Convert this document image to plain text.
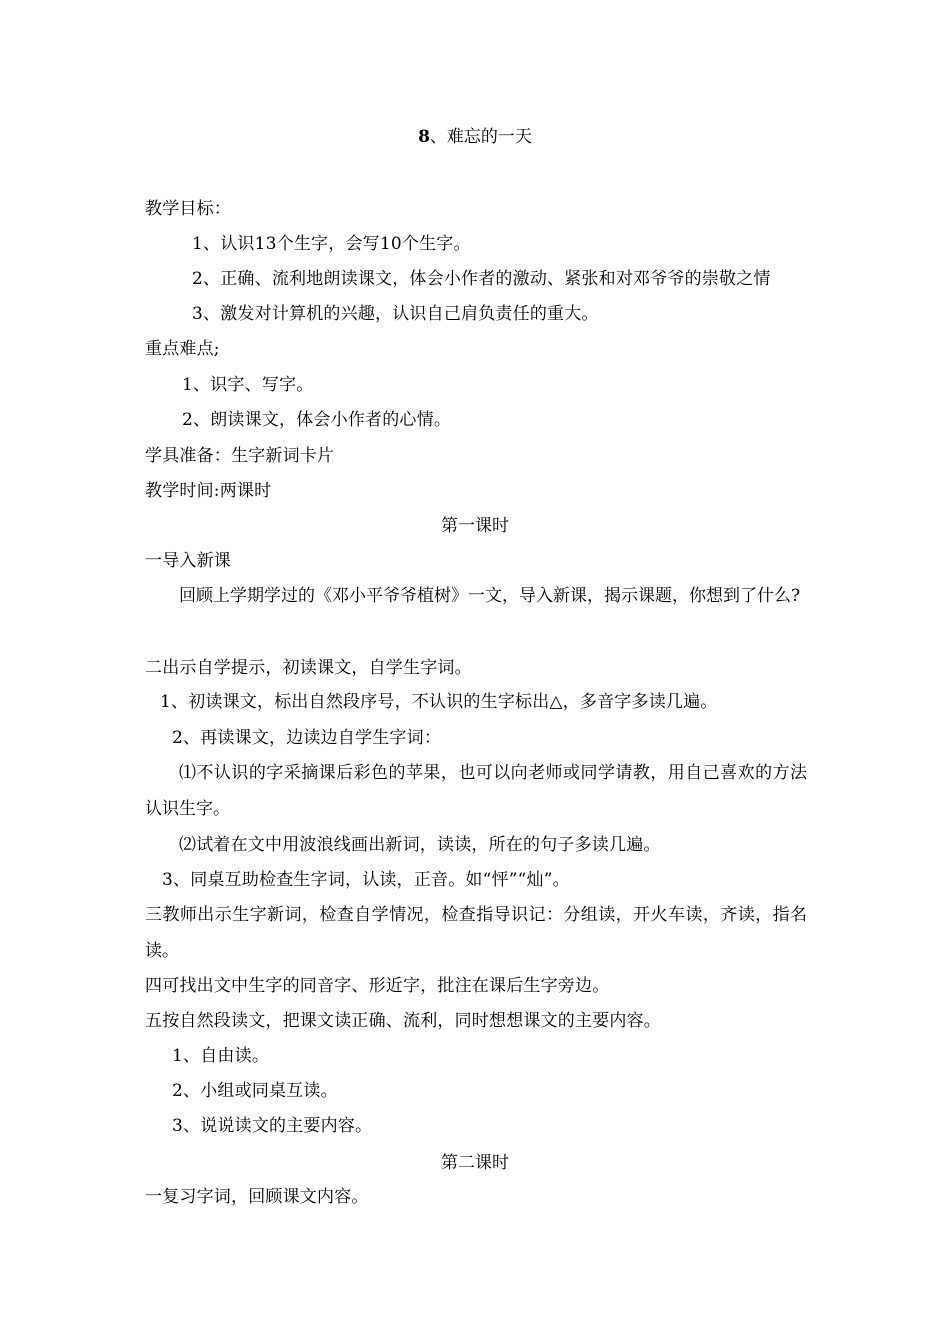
8、难忘的一天
教学目标：
1、认识13个生字，会写10个生字。
2、正确、流利地朗读课文，体会小作者的激动、紧张和对邓爷爷的崇敬之情
3、激发对计算机的兴趣，认识自己肩负责任的重大。
重点难点;
1、识字、写字。
2、朗读课文，体会小作者的心情。
学具准备：生字新词卡片
教学时间:两课时
第一课时
一导入新课
回顾上学期学过的《邓小平爷爷植树》一文，导入新课，揭示课题，你想到了什么?
二出示自学提示，初读课文，自学生字词。
1、初读课文，标出自然段序号，不认识的生字标出△，多音字多读几遍。
2、再读课文，边读边自学生字词：
⑴不认识的字采摘课后彩色的苹果，也可以向老师或同学请教，用自己喜欢的方法认识生字。
⑵试着在文中用波浪线画出新词，读读，所在的句子多读几遍。
3、同桌互助检查生字词，认读，正音。如“怦”“灿”。
三教师出示生字新词，检查自学情况，检查指导识记：分组读，开火车读，齐读，指名读。
四可找出文中生字的同音字、形近字，批注在课后生字旁边。
五按自然段读文，把课文读正确、流利，同时想想课文的主要内容。
1、自由读。
2、小组或同桌互读。
3、说说读文的主要内容。
第二课时
一复习字词，回顾课文内容。
